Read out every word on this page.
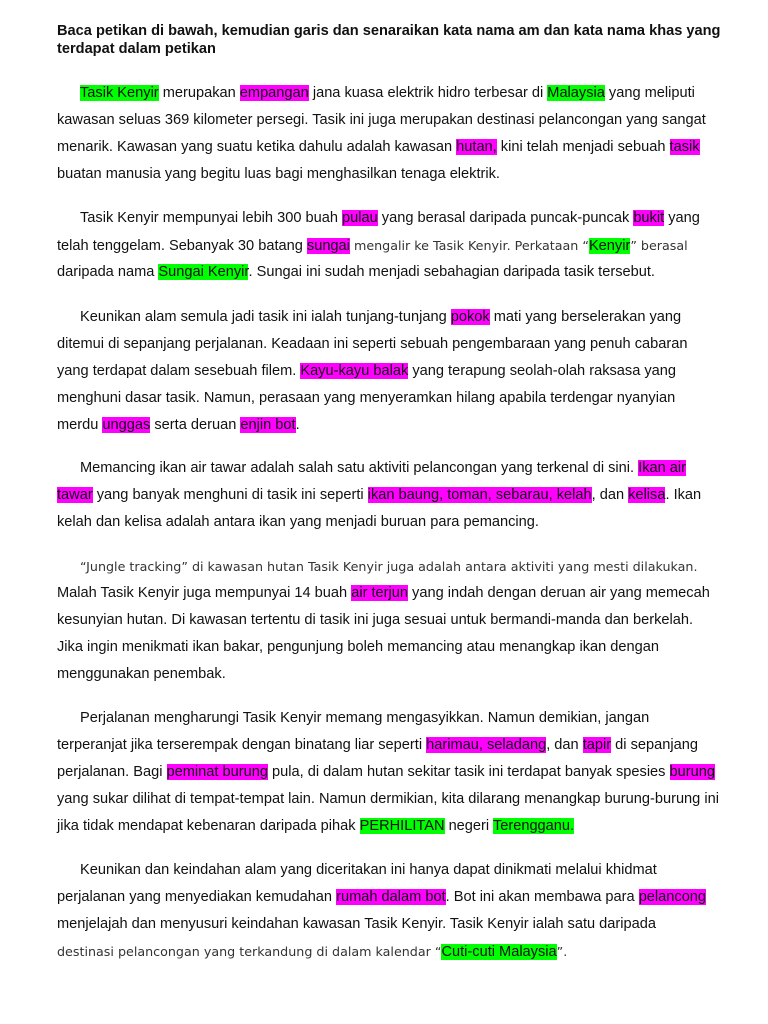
Baca petikan di bawah, kemudian garis dan senaraikan kata nama am dan kata nama khas yang terdapat dalam petikan

Tasik Kenyir merupakan empangan jana kuasa elektrik hidro terbesar di Malaysia yang meliputi
kawasan seluas 369 kilometer persegi. Tasik ini juga merupakan destinasi pelancongan yang sangat
menarik. Kawasan yang suatu ketika dahulu adalah kawasan hutan, kini telah menjadi sebuah tasik
buatan manusia yang begitu luas bagi menghasilkan tenaga elektrik.
Tasik Kenyir mempunyai lebih 300 buah pulau yang berasal daripada puncak-puncak bukit yang
telah tenggelam. Sebanyak 30 batang sungai mengalir ke Tasik Kenyir. Perkataan “Kenyir” berasal
daripada nama Sungai Kenyir. Sungai ini sudah menjadi sebahagian daripada tasik tersebut.
Keunikan alam semula jadi tasik ini ialah tunjang-tunjang pokok mati yang berselerakan yang
ditemui di sepanjang perjalanan. Keadaan ini seperti sebuah pengembaraan yang penuh cabaran
yang terdapat dalam sesebuah filem. Kayu-kayu balak yang terapung seolah-olah raksasa yang
menghuni dasar tasik. Namun, perasaan yang menyeramkan hilang apabila terdengar nyanyian
merdu unggas serta deruan enjin bot.
Memancing ikan air tawar adalah salah satu aktiviti pelancongan yang terkenal di sini. Ikan air
tawar yang banyak menghuni di tasik ini seperti ikan baung, toman, sebarau, kelah, dan kelisa. Ikan
kelah dan kelisa adalah antara ikan yang menjadi buruan para pemancing.
“Jungle tracking” di kawasan hutan Tasik Kenyir juga adalah antara aktiviti yang mesti dilakukan.
Malah Tasik Kenyir juga mempunyai 14 buah air terjun yang indah dengan deruan air yang memecah
kesunyian hutan. Di kawasan tertentu di tasik ini juga sesuai untuk bermandi-manda dan berkelah.
Jika ingin menikmati ikan bakar, pengunjung boleh memancing atau menangkap ikan dengan
menggunakan penembak.
Perjalanan mengharungi Tasik Kenyir memang mengasyikkan. Namun demikian, jangan
terperanjat jika terserempak dengan binatang liar seperti harimau, seladang, dan tapir di sepanjang
perjalanan. Bagi peminat burung pula, di dalam hutan sekitar tasik ini terdapat banyak spesies burung
yang sukar dilihat di tempat-tempat lain. Namun dermikian, kita dilarang menangkap burung-burung ini
jika tidak mendapat kebenaran daripada pihak PERHILITAN negeri Terengganu.
Keunikan dan keindahan alam yang diceritakan ini hanya dapat dinikmati melalui khidmat
perjalanan yang menyediakan kemudahan rumah dalam bot. Bot ini akan membawa para pelancong
menjelajah dan menyusuri keindahan kawasan Tasik Kenyir. Tasik Kenyir ialah satu daripada
destinasi pelancongan yang terkandung di dalam kalendar “Cuti-cuti Malaysia”.
